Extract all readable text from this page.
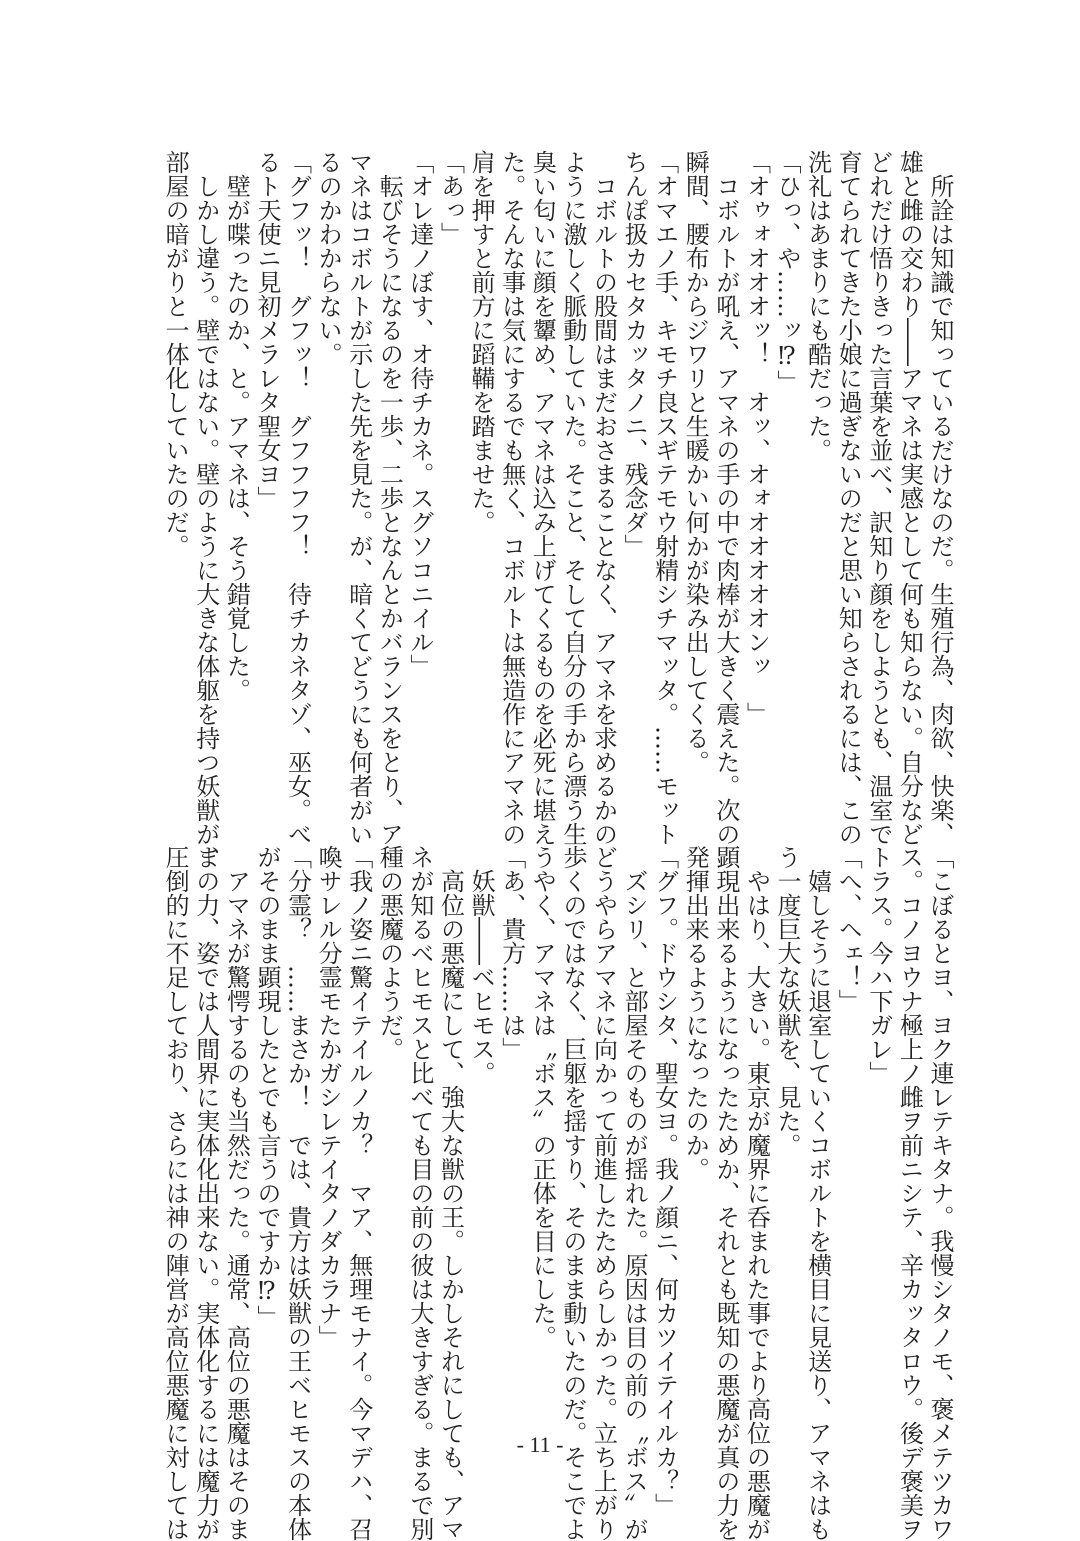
　所詮は知識で知っているだけなのだ。生殖行為、肉欲、快楽、
雄と雌の交わり――アマネは実感として何も知らない。自分など
どれだけ悟りきった言葉を並べ、訳知り顔をしようとも、温室で
育てられてきた小娘に過ぎないのだと思い知らされるには、この
洗礼はあまりにも酷だった。
「ひっ、や……ッ⁉」
「オゥォオオオッ！　オッ、オォオオオオオンッ　」
　コボルトが吼え、アマネの手の中で肉棒が大きく震えた。次の
瞬間、腰布からジワリと生暖かい何かが染み出してくる。
「オマエノ手、キモチ良スギテモウ射精シチマッタ。……モット
ちんぽ扱カセタカッタノニ、残念ダ」
　コボルトの股間はまだおさまることなく、アマネを求めるかの
ように激しく脈動していた。そこと、そして自分の手から漂う生
臭い匂いに顔を顰め、アマネは込み上げてくるものを必死に堪え
た。そんな事は気にするでも無く、コボルトは無造作にアマネの
肩を押すと前方に蹈鞴を踏ませた。
「あっ」
「オレ達ノぼす、オ待チカネ。スグソコニイル」
　転びそうになるのを一歩、二歩となんとかバランスをとり、ア
マネはコボルトが示した先を見た。が、暗くてどうにも何者がい
るのかわからない。
「グフッ！　グフッ！　グフフフフ！　待チカネタゾ、巫女。べ
るト天使ニ見初メラレタ聖女ヨ」
　壁が喋ったのか、と。アマネは、そう錯覚した。
　しかし違う。壁ではない。壁のように大きな体躯を持つ妖獣が、
部屋の暗がりと一体化していたのだ。
「こぼるとヨ、ヨク連レテキタナ。我慢シタノモ、褒メテツカワ
ス。コノヨウナ極上ノ雌ヲ前ニシテ、辛カッタロウ。後デ褒美ヲ
トラス。今ハ下ガレ」
「へ、ヘェ！」
　嬉しそうに退室していくコボルトを横目に見送り、アマネはも
う一度巨大な妖獣を、見た。
　やはり、大きい。東京が魔界に呑まれた事でより高位の悪魔が
顕現出来るようになったためか、それとも既知の悪魔が真の力を
発揮出来るようになったのか。
「グフ。ドウシタ、聖女ヨ。我ノ顔ニ、何カツイテイルカ？」
　ズシリ、と部屋そのものが揺れた。原因は目の前の〝ボス〟が
どうやらアマネに向かって前進したためらしかった。立ち上がり
歩くのではなく、巨躯を揺すり、そのまま動いたのだ。そこでよ
うやく、アマネは〝ボス〟の正体を目にした。
「あ、貴方……は」
　妖獣――ベヒモス。
　高位の悪魔にして、強大な獣の王。しかしそれにしても、アマ
ネが知るベヒモスと比べても目の前の彼は大きすぎる。まるで別
種の悪魔のようだ。
「我ノ姿ニ驚イテイルノカ？　マア、無理モナイ。今マデハ、召
喚サレル分霊モたかガシレテイタノダカラナ」
「分霊？　……まさか！　では、貴方は妖獣の王ベヒモスの本体
がそのまま顕現したとでも言うのですか⁉」
　アマネが驚愕するのも当然だった。通常、高位の悪魔はそのま
まの力、姿では人間界に実体化出来ない。実体化するには魔力が
圧倒的に不足しており、さらには神の陣営が高位悪魔に対しては	- 11 -
